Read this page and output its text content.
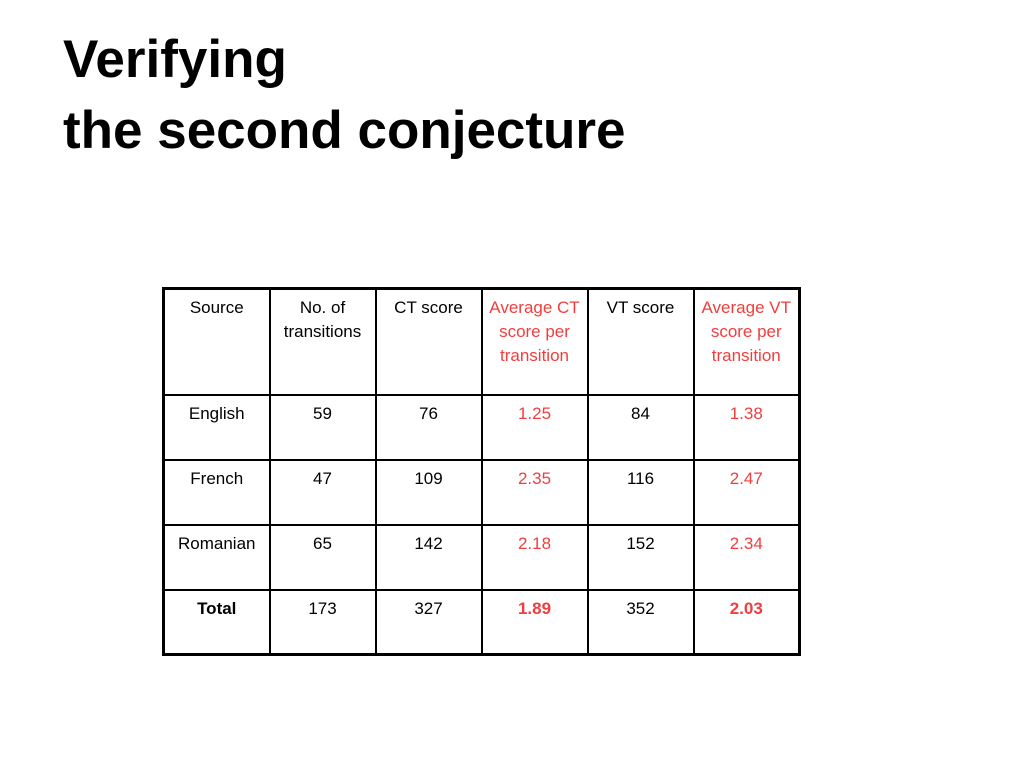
Verifying
the second conjecture
Source	No. of transitions	CT score	Average CT score per transition	VT score	Average VT score per transition
English	59	76	1.25	84	1.38
French	47	109	2.35	116	2.47
Romanian	65	142	2.18	152	2.34
Total	173	327	1.89	352	2.03
